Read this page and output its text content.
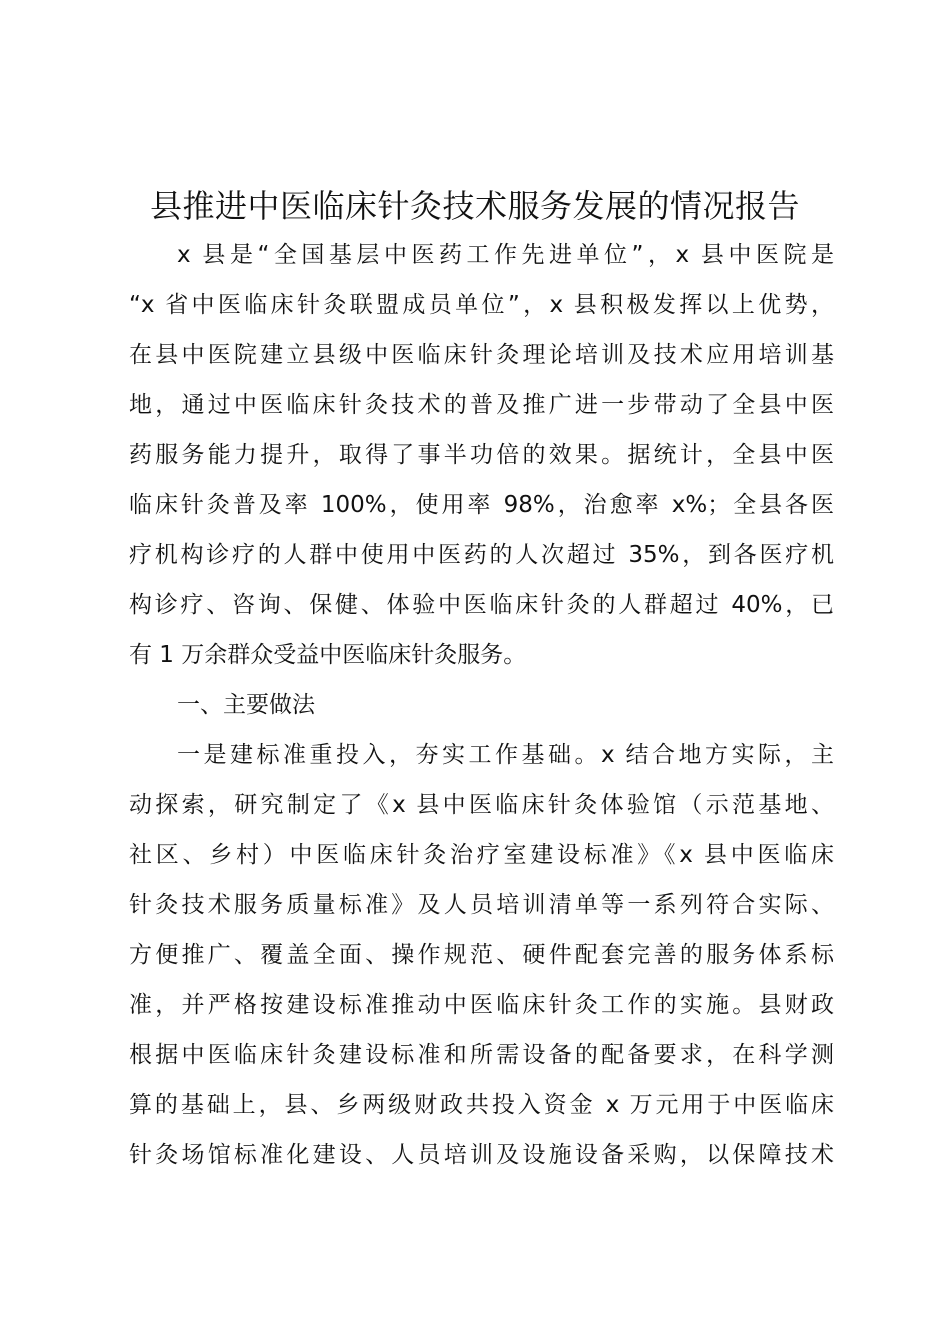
县推进中医临床针灸技术服务发展的情况报告
x 县是“全国基层中医药工作先进单位”，x 县中医院是
“x 省中医临床针灸联盟成员单位”，x 县积极发挥以上优势，
在县中医院建立县级中医临床针灸理论培训及技术应用培训基
地，通过中医临床针灸技术的普及推广进一步带动了全县中医
药服务能力提升，取得了事半功倍的效果。据统计，全县中医
临床针灸普及率 100%，使用率 98%，治愈率 x%；全县各医
疗机构诊疗的人群中使用中医药的人次超过 35%，到各医疗机
构诊疗、咨询、保健、体验中医临床针灸的人群超过 40%，已
有 1 万余群众受益中医临床针灸服务。
一、主要做法
一是建标准重投入，夯实工作基础。x 结合地方实际，主
动探索，研究制定了《x 县中医临床针灸体验馆（示范基地、
社区、乡村）中医临床针灸治疗室建设标准》《x 县中医临床
针灸技术服务质量标准》及人员培训清单等一系列符合实际、
方便推广、覆盖全面、操作规范、硬件配套完善的服务体系标
准，并严格按建设标准推动中医临床针灸工作的实施。县财政
根据中医临床针灸建设标准和所需设备的配备要求，在科学测
算的基础上，县、乡两级财政共投入资金 x 万元用于中医临床
针灸场馆标准化建设、人员培训及设施设备采购，以保障技术
